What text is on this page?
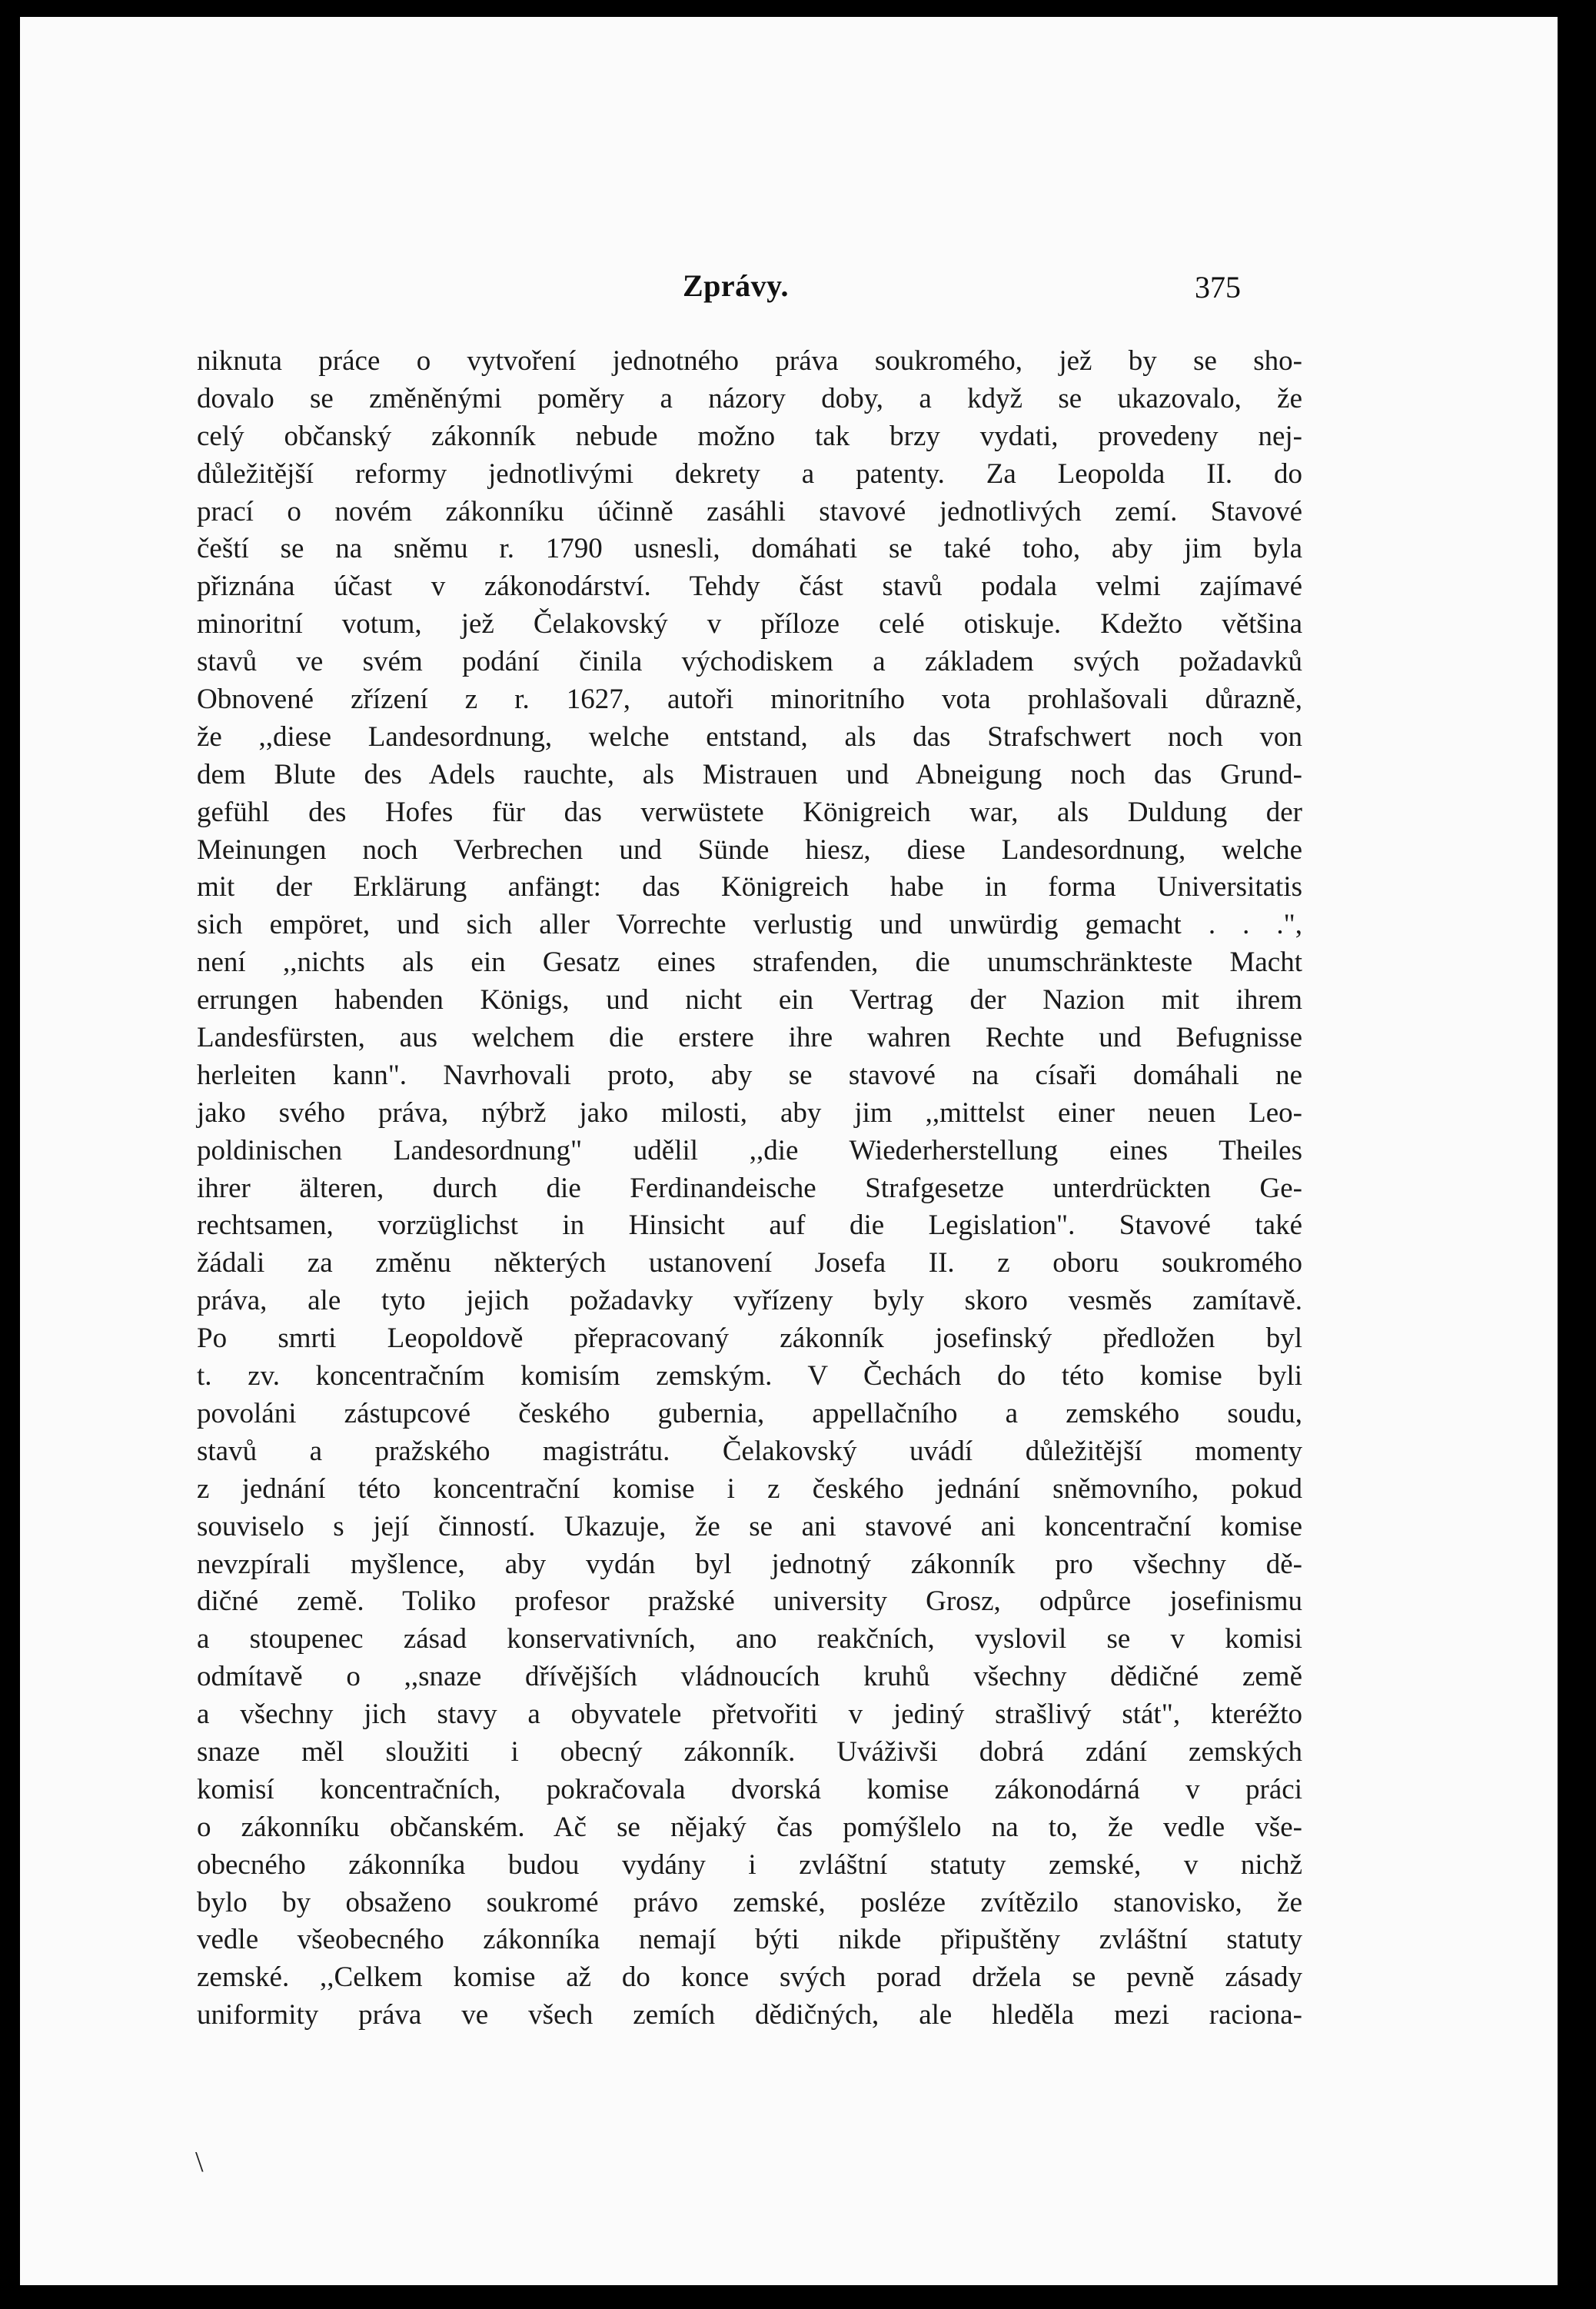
Zprávy.	375
niknuta práce o vytvoření jednotného práva soukromého, jež by se sho-
dovalo se změněnými poměry a názory doby, a když se ukazovalo, že
celý občanský zákonník nebude možno tak brzy vydati, provedeny nej-
důležitější reformy jednotlivými dekrety a patenty. Za Leopolda II. do
prací o novém zákonníku účinně zasáhli stavové jednotlivých zemí. Stavové
čeští se na sněmu r. 1790 usnesli, domáhati se také toho, aby jim byla
přiznána účast v zákonodárství. Tehdy část stavů podala velmi zajímavé
minoritní votum, jež Čelakovský v příloze celé otiskuje. Kdežto většina
stavů ve svém podání činila východiskem a základem svých požadavků
Obnovené zřízení z r. 1627, autoři minoritního vota prohlašovali důrazně,
že ,,diese Landesordnung, welche entstand, als das Strafschwert noch von
dem Blute des Adels rauchte, als Mistrauen und Abneigung noch das Grund-
gefühl des Hofes für das verwüstete Königreich war, als Duldung der
Meinungen noch Verbrechen und Sünde hiesz, diese Landesordnung, welche
mit der Erklärung anfängt: das Königreich habe in forma Universitatis
sich empöret, und sich aller Vorrechte verlustig und unwürdig gemacht . . .",
není ,,nichts als ein Gesatz eines strafenden, die unumschränkteste Macht
errungen habenden Königs, und nicht ein Vertrag der Nazion mit ihrem
Landesfürsten, aus welchem die erstere ihre wahren Rechte und Befugnisse
herleiten kann". Navrhovali proto, aby se stavové na císaři domáhali ne
jako svého práva, nýbrž jako milosti, aby jim ,,mittelst einer neuen Leo-
poldinischen Landesordnung" udělil ,,die Wiederherstellung eines Theiles
ihrer älteren, durch die Ferdinandeische Strafgesetze unterdrückten Ge-
rechtsamen, vorzüglichst in Hinsicht auf die Legislation". Stavové také
žádali za změnu některých ustanovení Josefa II. z oboru soukromého
práva, ale tyto jejich požadavky vyřízeny byly skoro vesměs zamítavě.
Po smrti Leopoldově přepracovaný zákonník josefinský předložen byl
t. zv. koncentračním komisím zemským. V Čechách do této komise byli
povoláni zástupcové českého gubernia, appellačního a zemského soudu,
stavů a pražského magistrátu. Čelakovský uvádí důležitější momenty
z jednání této koncentrační komise i z českého jednání sněmovního, pokud
souviselo s její činností. Ukazuje, že se ani stavové ani koncentrační komise
nevzpírali myšlence, aby vydán byl jednotný zákonník pro všechny dě-
dičné země. Toliko profesor pražské university Grosz, odpůrce josefinismu
a stoupenec zásad konservativních, ano reakčních, vyslovil se v komisi
odmítavě o ,,snaze dřívějších vládnoucích kruhů všechny dědičné země
a všechny jich stavy a obyvatele přetvořiti v jediný strašlivý stát", kteréžto
snaze měl sloužiti i obecný zákonník. Uváživši dobrá zdání zemských
komisí koncentračních, pokračovala dvorská komise zákonodárná v práci
o zákonníku občanském. Ač se nějaký čas pomýšlelo na to, že vedle vše-
obecného zákonníka budou vydány i zvláštní statuty zemské, v nichž
bylo by obsaženo soukromé právo zemské, posléze zvítězilo stanovisko, že
vedle všeobecného zákonníka nemají býti nikde připuštěny zvláštní statuty
zemské. ,,Celkem komise až do konce svých porad držela se pevně zásady
uniformity práva ve všech zemích dědičných, ale hleděla mezi raciona-
\
